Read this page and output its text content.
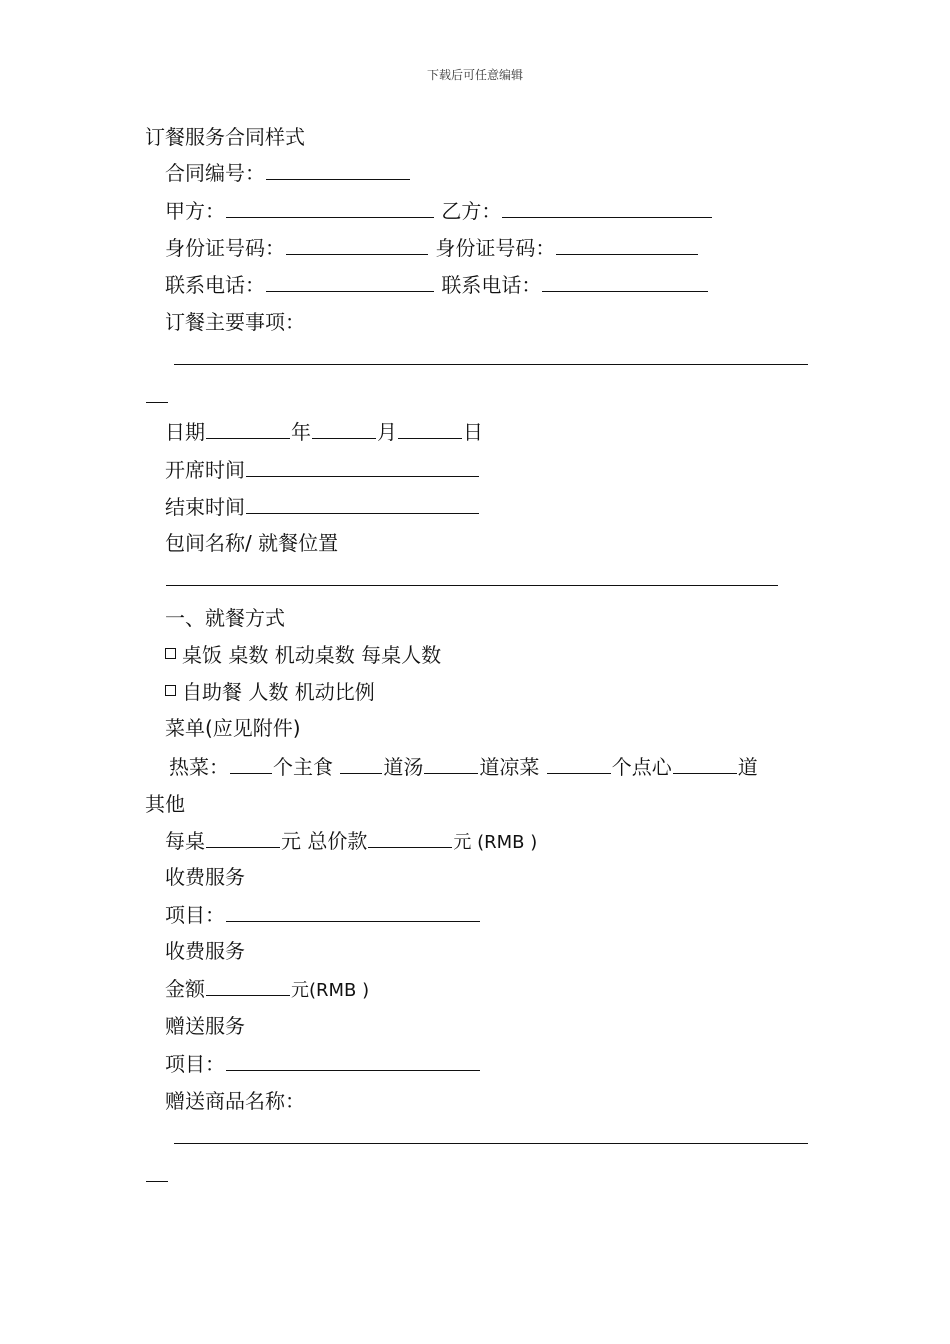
下载后可任意编辑
订餐服务合同样式
合同编号：
甲方：	乙方：
身份证号码：	身份证号码：
联系电话：	联系电话：
订餐主要事项：
日期	年	月	日
开席时间
结束时间
包间名称/ 就餐位置
一、就餐方式
桌饭 桌数 机动桌数 每桌人数
自助餐 人数 机动比例
菜单(应见附件)
热菜： 个主食	道汤	道凉菜	个点心	道
其他
每桌	元 总价款	元 (RMB )
收费服务
项目：
收费服务
金额	元(RMB )
赠送服务
项目：
赠送商品名称：
